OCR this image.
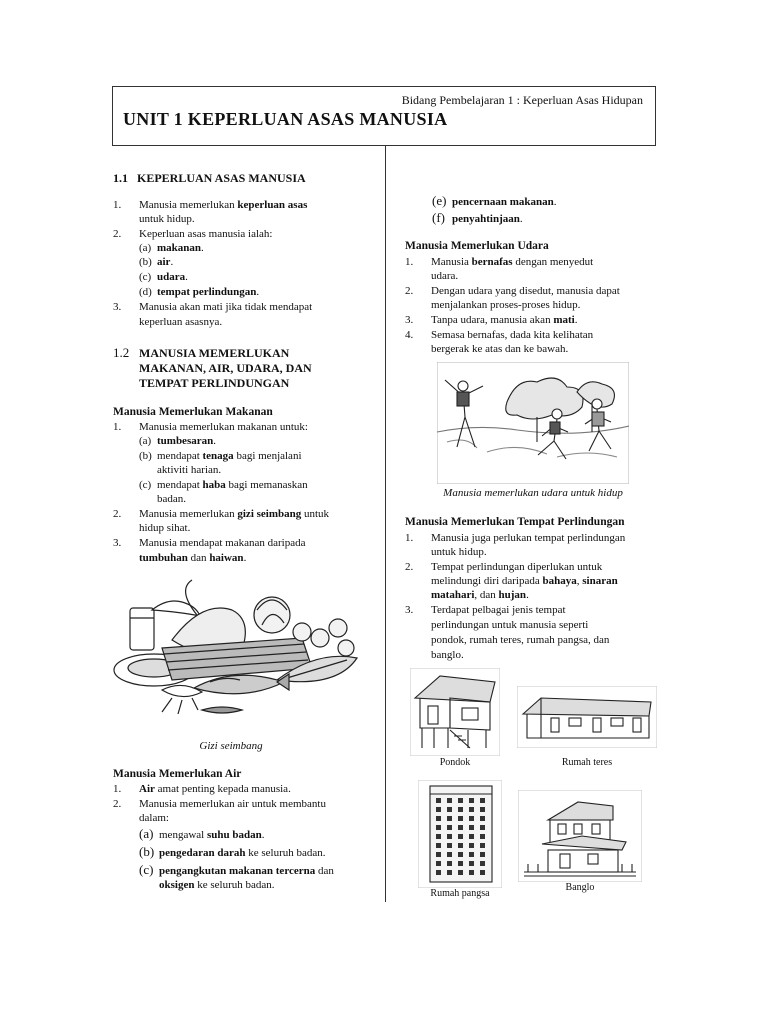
Bidang Pembelajaran 1 : Keperluan Asas Hidupan
UNIT 1 KEPERLUAN ASAS MANUSIA
1.1 KEPERLUAN ASAS MANUSIA
1. Manusia memerlukan keperluan asas
untuk hidup.
2. Keperluan asas manusia ialah:
(a) makanan.
(b) air.
(c) udara.
(d) tempat perlindungan.
3. Manusia akan mati jika tidak mendapat
keperluan asasnya.
1.2 MANUSIA MEMERLUKAN
MAKANAN, AIR, UDARA, DAN
TEMPAT PERLINDUNGAN
Manusia Memerlukan Makanan
1. Manusia memerlukan makanan untuk:
(a) tumbesaran.
(b) mendapat tenaga bagi menjalani
aktiviti harian.
(c) mendapat haba bagi memanaskan
badan.
2. Manusia memerlukan gizi seimbang untuk
hidup sihat.
3. Manusia mendapat makanan daripada
tumbuhan dan haiwan.
Gizi seimbang
Manusia Memerlukan Air
1. Air amat penting kepada manusia.
2. Manusia memerlukan air untuk membantu
dalam:
(a) mengawal suhu badan.
(b) pengedaran darah ke seluruh badan.
(c) pengangkutan makanan tercerna dan
oksigen ke seluruh badan.
(e) pencernaan makanan.
(f) penyahtinjaan.
Manusia Memerlukan Udara
1. Manusia bernafas dengan menyedut
udara.
2. Dengan udara yang disedut, manusia dapat
menjalankan proses-proses hidup.
3. Tanpa udara, manusia akan mati.
4. Semasa bernafas, dada kita kelihatan
bergerak ke atas dan ke bawah.
Manusia memerlukan udara untuk hidup
Manusia Memerlukan Tempat Perlindungan
1. Manusia juga perlukan tempat perlindungan
untuk hidup.
2. Tempat perlindungan diperlukan untuk
melindungi diri daripada bahaya, sinaran
matahari, dan hujan.
3. Terdapat pelbagai jenis tempat
perlindungan untuk manusia seperti
pondok, rumah teres, rumah pangsa, dan
banglo.
Pondok	Rumah teres
Rumah pangsa
Banglo
